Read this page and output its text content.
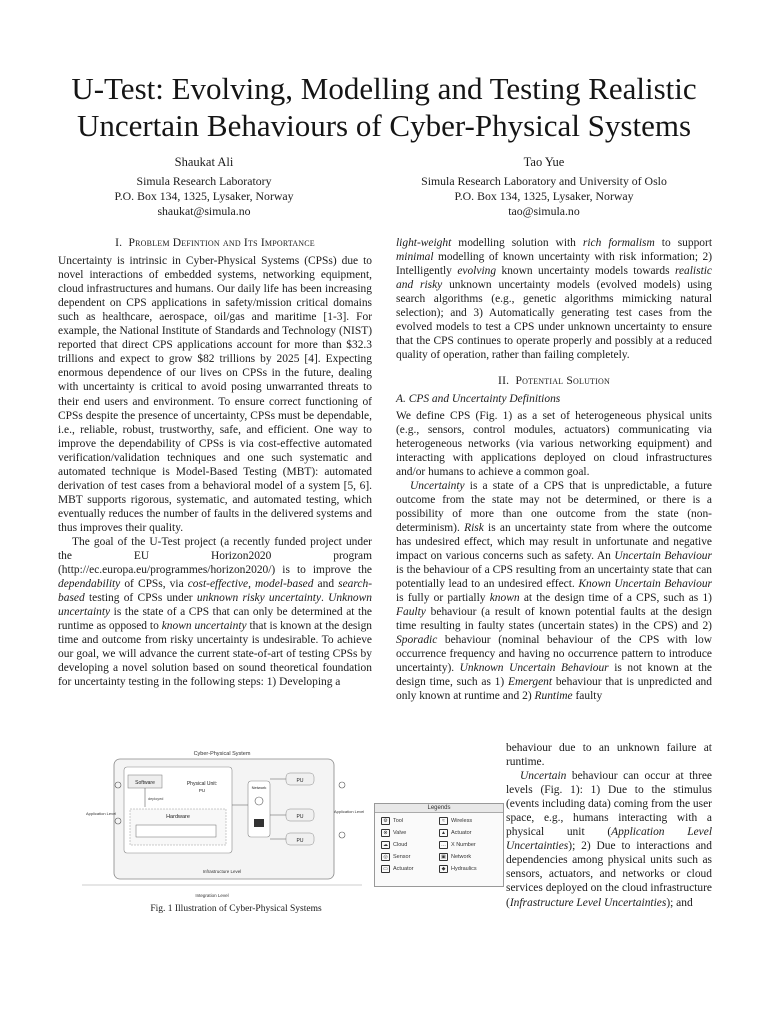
U-Test: Evolving, Modelling and Testing Realistic
Uncertain Behaviours of Cyber-Physical Systems
Shaukat Ali
Simula Research Laboratory
P.O. Box 134, 1325, Lysaker, Norway
shaukat@simula.no
Tao Yue
Simula Research Laboratory and University of Oslo
P.O. Box 134, 1325, Lysaker, Norway
tao@simula.no

I. Problem Defintion and Its Importance

Uncertainty is intrinsic in Cyber-Physical Systems (CPSs) due to novel interactions of embedded systems, networking equipment, cloud infrastructures and humans. Our daily life has been increasing dependent on CPS applications in safety/mission critical domains such as healthcare, aerospace, oil/gas and maritime [1-3]. For example, the National Institute of Standards and Technology (NIST) reported that direct CPS applications account for more than $32.3 trillions and expect to grow $82 trillions by 2025 [4]. Expecting enormous dependence of our lives on CPSs in the future, dealing with uncertainty is critical to avoid posing unwarranted threats to their end users and environment. To ensure correct functioning of CPSs despite the presence of uncertainty, CPSs must be dependable, i.e., reliable, robust, trustworthy, safe, and efficient. One way to improve the dependability of CPSs is via cost-effective automated verification/validation techniques and one such systematic and automated technique is Model-Based Testing (MBT): automated derivation of test cases from a behavioral model of a system [5, 6]. MBT supports rigorous, systematic, and automated testing, which eventually reduces the number of faults in the delivered systems and thus improves their quality.

The goal of the U-Test project (a recently funded project under the EU Horizon2020 program (http://ec.europa.eu/programmes/horizon2020/) is to improve the dependability of CPSs, via cost-effective, model-based and search-based testing of CPSs under unknown risky uncertainty. Unknown uncertainty is the state of a CPS that can only be determined at the runtime as opposed to known uncertainty that is known at the design time and outcome from risky uncertainty is undesirable. To achieve our goal, we will advance the current state-of-art of testing CPSs by developing a novel solution based on sound theoretical foundation for uncertainty testing in the following steps: 1) Developing a

light-weight modelling solution with rich formalism to support minimal modelling of known uncertainty with risk information; 2) Intelligently evolving known uncertainty models towards realistic and risky unknown uncertainty models (evolved models) using search algorithms (e.g., genetic algorithms mimicking natural selection); and 3) Automatically generating test cases from the evolved models to test a CPS under unknown uncertainty to ensure that the CPS continues to operate properly and possibly at a reduced quality of operation, rather than failing completely.

II. Potential Solution

A. CPS and Uncertainty Definitions

We define CPS (Fig. 1) as a set of heterogeneous physical units (e.g., sensors, control modules, actuators) communicating via heterogeneous networks (via various networking equipment) and interacting with applications deployed on cloud infrastructures and/or humans to achieve a common goal.

Uncertainty is a state of a CPS that is unpredictable, a future outcome from the state may not be determined, or there is a possibility of more than one outcome from the state (non-determinism). Risk is an uncertainty state from where the outcome has undesired effect, which may result in unfortunate and negative impact on various concerns such as safety. An Uncertain Behaviour is the behaviour of a CPS resulting from an uncertainty state that can potentially lead to an undesired effect. Known Uncertain Behaviour is fully or partially known at the design time of a CPS, such as 1) Faulty behaviour (a result of known potential faults at the design time resulting in faulty states (uncertain states) in the CPS) and 2) Sporadic behaviour (nominal behaviour of the CPS with low occurrence frequency and having no occurrence pattern to introduce uncertainty). Unknown Uncertain Behaviour is not known at the design time, such as 1) Emergent behaviour that is unpredicted and only known at runtime and 2) Runtime faulty

behaviour due to an unknown failure at runtime.

Uncertain behaviour can occur at three levels (Fig. 1): 1) Due to the stimulus (events including data) coming from the user space, e.g., humans interacting with a physical unit (Application Level Uncertainties); 2) Due to interactions and dependencies among physical units such as sensors, actuators, and networks or cloud services deployed on the cloud infrastructure (Infrastructure Level Uncertainties); and

Cyber-Physical System
Software	Physical Unit:
PU
deployed
Hardware
Network
PU
PU
PU
Application Level	Application Level
Infrastructure Level
Integration Level
Fig. 1 Illustration of Cyber-Physical Systems
Legends
⚙ Tool	≈	Wireless
⊗ Valve	▲ Actuator
☁ Cloud	… X Number
◎ Sensor	▣ Network
▭ Actuator	◆	Hydraulics
